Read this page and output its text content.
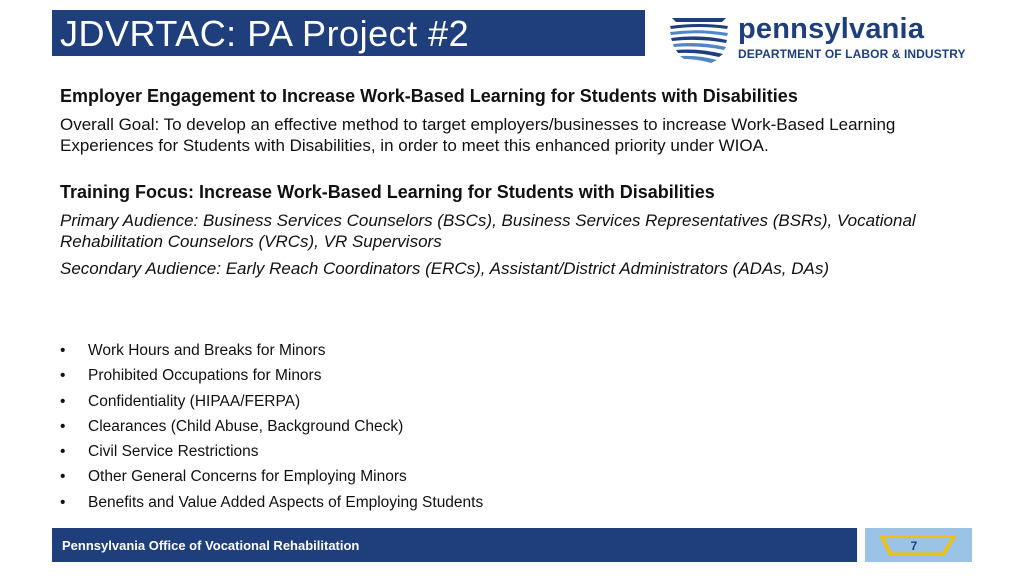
JDVRTAC: PA Project #2	pennsylvania
DEPARTMENT OF LABOR & INDUSTRY

Employer Engagement to Increase Work-Based Learning for Students with Disabilities

Overall Goal: To develop an effective method to target employers/businesses to increase Work-Based Learning Experiences for Students with Disabilities, in order to meet this enhanced priority under WIOA.

Training Focus: Increase Work-Based Learning for Students with Disabilities

Primary Audience: Business Services Counselors (BSCs), Business Services Representatives (BSRs), Vocational Rehabilitation Counselors (VRCs), VR Supervisors

Secondary Audience: Early Reach Coordinators (ERCs), Assistant/District Administrators (ADAs, DAs)

• Work Hours and Breaks for Minors
• Prohibited Occupations for Minors
• Confidentiality (HIPAA/FERPA)
• Clearances (Child Abuse, Background Check)
• Civil Service Restrictions
• Other General Concerns for Employing Minors
• Benefits and Value Added Aspects of Employing Students
Pennsylvania Office of Vocational Rehabilitation	7
